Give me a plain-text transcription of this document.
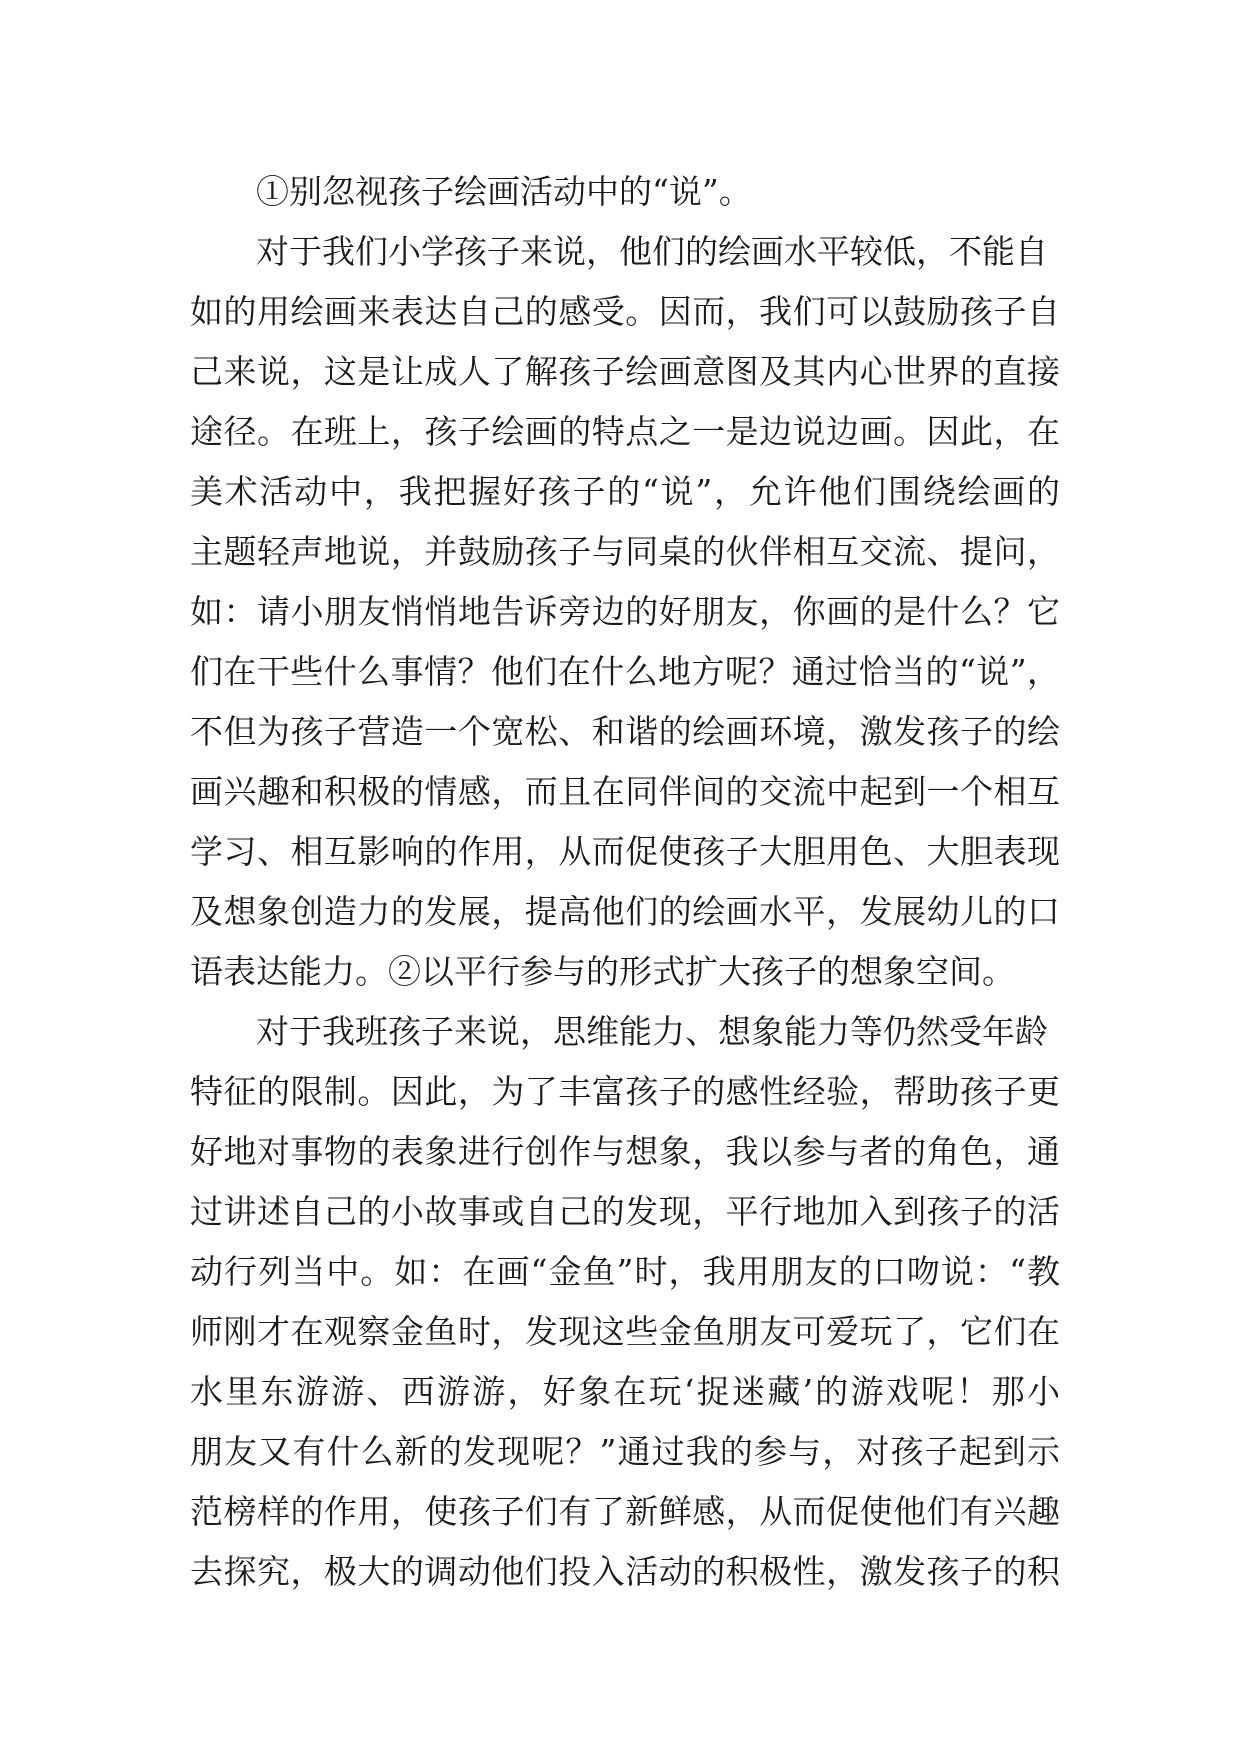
①别忽视孩子绘画活动中的“说”。
对于我们小学孩子来说，他们的绘画水平较低，不能自
如的用绘画来表达自己的感受。因而，我们可以鼓励孩子自
己来说，这是让成人了解孩子绘画意图及其内心世界的直接
途径。在班上，孩子绘画的特点之一是边说边画。因此，在
美术活动中，我把握好孩子的“说”，允许他们围绕绘画的
主题轻声地说，并鼓励孩子与同桌的伙伴相互交流、提问，
如：请小朋友悄悄地告诉旁边的好朋友，你画的是什么？它
们在干些什么事情？他们在什么地方呢？通过恰当的“说”，
不但为孩子营造一个宽松、和谐的绘画环境，激发孩子的绘
画兴趣和积极的情感，而且在同伴间的交流中起到一个相互
学习、相互影响的作用，从而促使孩子大胆用色、大胆表现
及想象创造力的发展，提高他们的绘画水平，发展幼儿的口
语表达能力。②以平行参与的形式扩大孩子的想象空间。
对于我班孩子来说，思维能力、想象能力等仍然受年龄
特征的限制。因此，为了丰富孩子的感性经验，帮助孩子更
好地对事物的表象进行创作与想象，我以参与者的角色，通
过讲述自己的小故事或自己的发现，平行地加入到孩子的活
动行列当中。如：在画“金鱼”时，我用朋友的口吻说：“教
师刚才在观察金鱼时，发现这些金鱼朋友可爱玩了，它们在
水里东游游、西游游，好象在玩‘捉迷藏’的游戏呢！那小
朋友又有什么新的发现呢？”通过我的参与，对孩子起到示
范榜样的作用，使孩子们有了新鲜感，从而促使他们有兴趣
去探究，极大的调动他们投入活动的积极性，激发孩子的积
